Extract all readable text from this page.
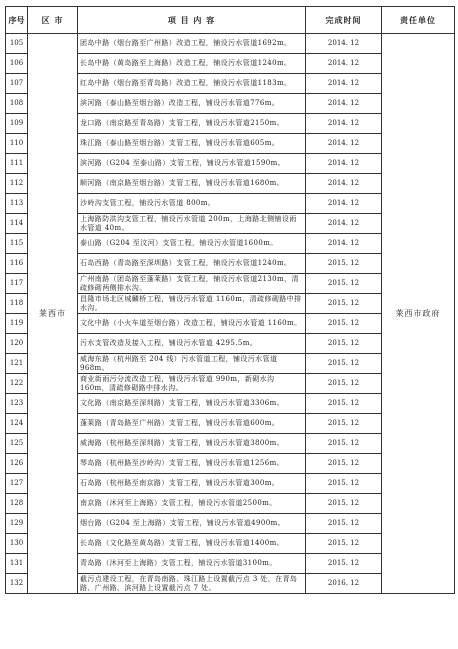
序号	区 市	项 目 内 容	完成时间	责任单位
105	莱西市	团岛中路（烟台路至广州路）改造工程，铺设污水管道1692m。	2014. 12	莱西市政府
106		长岛中路（黄岛路至上海路）改造工程，铺设污水管道1240m。	2014. 12	
107		红岛中路（烟台路至青岛路）改造工程，铺设污水管道1183m。	2014. 12	
108		滨河路（泰山路至烟台路）改造工程，铺设污水管道776m。	2014. 12	
109		龙口路（南京路至青岛路）支管工程，铺设污水管道2150m。	2014. 12	
110		珠江路（泰山路至烟台路）支管工程，铺设污水管道605m。	2014. 12	
111		滨河路（G204 至泰山路）支管工程，铺设污水管道1590m。	2014. 12	
112		顺河路（南京路至烟台路）支管工程，铺设污水管道1680m。	2014. 12	
113		沙岭沟支管工程，铺设污水管道 800m。	2014. 12	
114		上海路防洪沟支管工程，铺设污水管道 200m，上海路北侧铺设雨水管道 40m。	2014. 12	
115		泰山路（G204 至汶河）支管工程，铺设污水管道1600m。	2014. 12	
116		石岛西路（青岛路至深圳路）支管工程，铺设污水管道1240m。	2015. 12	
117		广州南路（团岛路至蓬莱路）支管工程，铺设污水管道2130m，清疏修砌两侧排水沟。	2015. 12	
118		昌隆市场北区城麟桥工程，铺设污水管道 1160m，清疏修砌路中排水沟。	2015. 12	
119		文化中路（小火车道至烟台路）改造工程，铺设污水管道 1160m。	2015. 12	
120		污水支管改造及接入工程，铺设污水管道 4295.5m。	2015. 12	
121		威海东路（杭州路至 204 线）污水管道工程，铺设污水管道 968m。	2015. 12	
122		商业街雨污分流改造工程，铺设污水管道 990m，新砌水沟 160m，清疏修砌路中排水沟。	2015. 12	
123		文化路（南京路至深圳路）支管工程，铺设污水管道3306m。	2015. 12	
124		蓬莱路（青岛路至广州路）支管工程，铺设污水管道600m。	2015. 12	
125		威海路（杭州路至深圳路）支管工程，铺设污水管道3800m。	2015. 12	
126		琴岛路（杭州路至沙岭沟）支管工程，铺设污水管道1256m。	2015. 12	
127		石岛路（杭州路至南京路）支管工程，铺设污水管道300m。	2015. 12	
128		南京路（沐河至上海路）支管工程，铺设污水管道2500m。	2015. 12	
129		烟台路（G204 至上海路）支管工程，铺设污水管道4900m。	2015. 12	
130		长岛路（文化路至黄岛路）支管工程，铺设污水管道1400m。	2015. 12	
131		青岛路（沐河至上海路）支管工程，铺设污水管道3100m。	2015. 12	
132		截污点建设工程，在青岛南路、珠江路上设置截污点 3 处，在青岛路、广州路、滨河路上设置截污点 7 处。	2016. 12	
